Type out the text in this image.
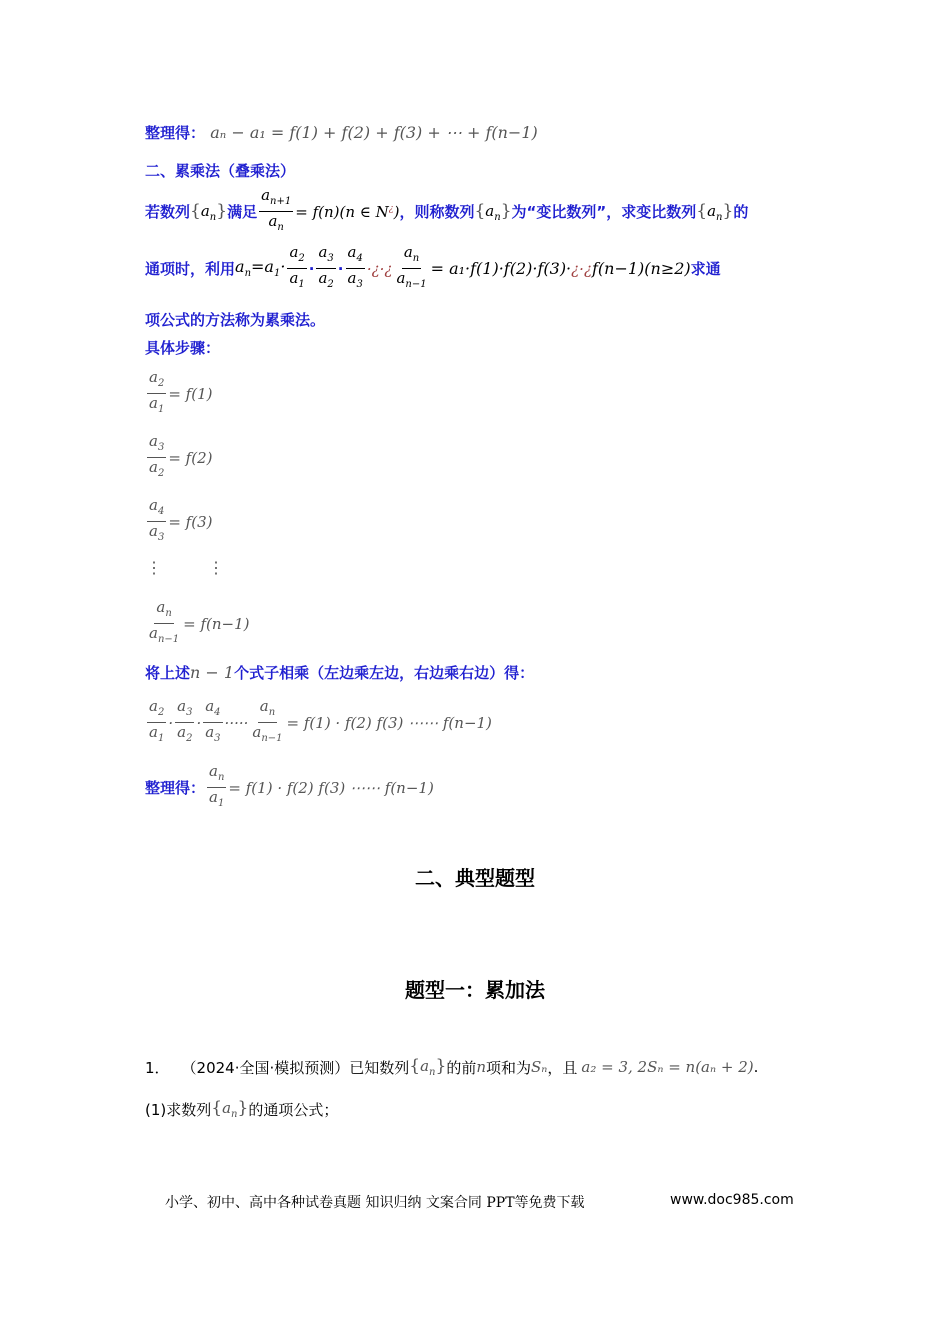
整理得： aₙ − a₁ = f(1) + f(2) + f(3) + ⋯ + f(n−1)
二、累乘法（叠乘法）
若数列 $\{a_n\}$ 满足 $\frac{a_{n+1}}{a_n} = f(n)(n$ ∈ N¿) ，则称数列 $\{a_n\}$ 为“变比数列”，求变比数列 $\{a_n\}$ 的
通项时，利用 $a_n=a_1\cdot \frac{a_2}{a_1} \cdot \frac{a_3}{a_2} \cdot \frac{a_4}{a_3}$ ·¿·¿ $\frac{a_n}{a_{n-1}} = a_1\cdot f(1)\cdot f(2)\cdot f(3)\cdot$ ¿·¿ f(n−1)(n≥2) 求通
项公式的方法称为累乘法。
具体步骤：
$\frac{a_2}{a_1} = f(1)$
$\frac{a_3}{a_2} = f(2)$
$\frac{a_4}{a_3} = f(3)$
⋮	⋮
$\frac{a_n}{a_{n-1}} = f(n-1)$
将上述n − 1个式子相乘（左边乘左边，右边乘右边）得：
$\frac{a_2}{a_1} \cdot \frac{a_3}{a_2} \cdot \frac{a_4}{a_3}$ ····· $\frac{a_n}{a_{n-1}} = f(1) \cdot f(2)$ f(3) ⋯⋯ f(n−1)
整理得： $\frac{a_n}{a_1} = f(1) \cdot f(2)$ f(3) ⋯⋯ f(n−1)
二、典型题型
题型一：累加法
1． （2024·全国·模拟预测）已知数列 $\{a_n\}$ 的前 n 项和为 Sₙ ，且 a₂ = 3, 2Sₙ = n(aₙ + 2) .
(1)求数列 $\{a_n\}$ 的通项公式；
小学、初中、高中各种试卷真题 知识归纳 文案合同 PPT等免费下载	www.doc985.com
